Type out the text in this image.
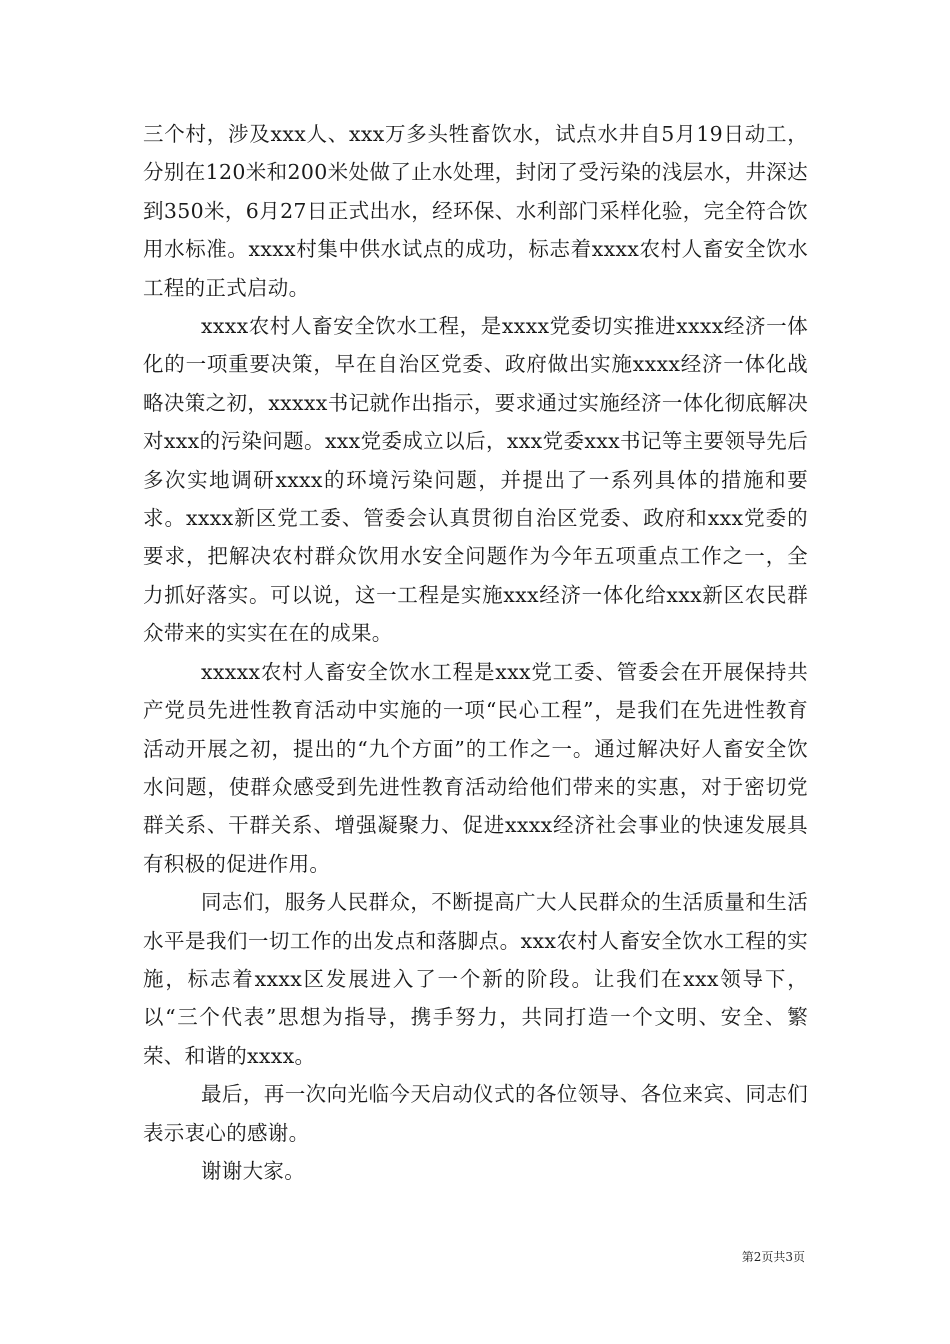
三个村，涉及xxx人、xxx万多头牲畜饮水，试点水井自5月19日动工，分别在120米和200米处做了止水处理，封闭了受污染的浅层水，井深达到350米，6月27日正式出水，经环保、水利部门采样化验，完全符合饮用水标准。xxxx村集中供水试点的成功，标志着xxxx农村人畜安全饮水工程的正式启动。

xxxx农村人畜安全饮水工程，是xxxx党委切实推进xxxx经济一体化的一项重要决策，早在自治区党委、政府做出实施xxxx经济一体化战略决策之初，xxxxx书记就作出指示，要求通过实施经济一体化彻底解决对xxx的污染问题。xxx党委成立以后，xxx党委xxx书记等主要领导先后多次实地调研xxxx的环境污染问题，并提出了一系列具体的措施和要求。xxxx新区党工委、管委会认真贯彻自治区党委、政府和xxx党委的要求，把解决农村群众饮用水安全问题作为今年五项重点工作之一，全力抓好落实。可以说，这一工程是实施xxx经济一体化给xxx新区农民群众带来的实实在在的成果。

xxxxx农村人畜安全饮水工程是xxx党工委、管委会在开展保持共产党员先进性教育活动中实施的一项“民心工程”，是我们在先进性教育活动开展之初，提出的“九个方面”的工作之一。通过解决好人畜安全饮水问题，使群众感受到先进性教育活动给他们带来的实惠，对于密切党群关系、干群关系、增强凝聚力、促进xxxx经济社会事业的快速发展具有积极的促进作用。

同志们，服务人民群众，不断提高广大人民群众的生活质量和生活水平是我们一切工作的出发点和落脚点。xxx农村人畜安全饮水工程的实施，标志着xxxx区发展进入了一个新的阶段。让我们在xxx领导下，以“三个代表”思想为指导，携手努力，共同打造一个文明、安全、繁荣、和谐的xxxx。

最后，再一次向光临今天启动仪式的各位领导、各位来宾、同志们表示衷心的感谢。

谢谢大家。

第2页共3页
